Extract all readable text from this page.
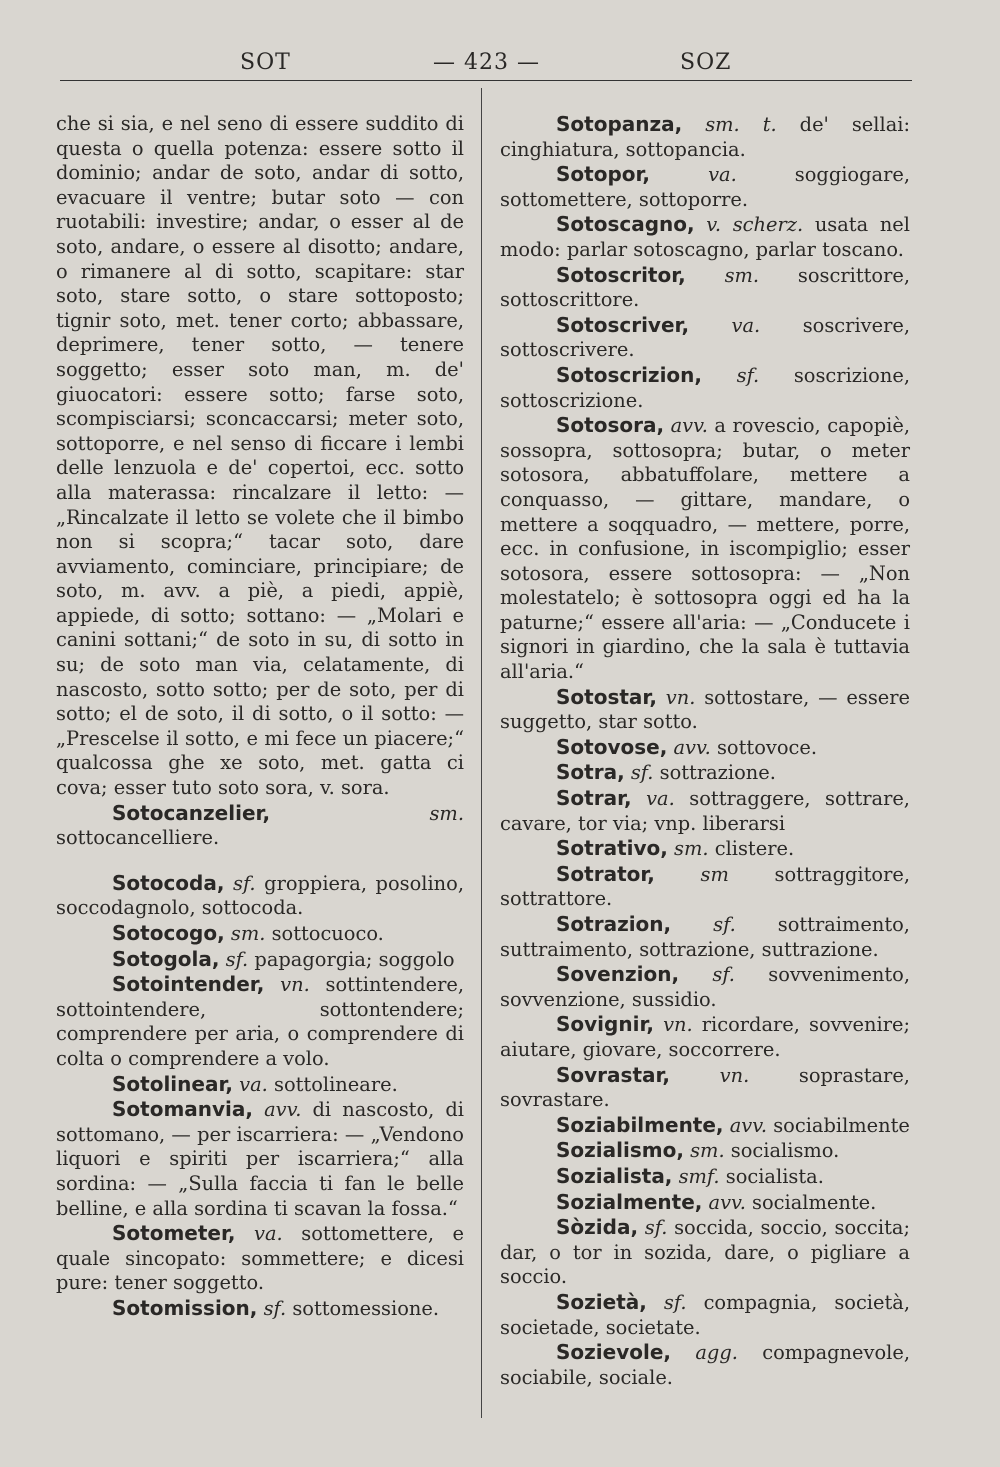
SOT	— 423 —	SOZ

che si sia, e nel seno di essere suddito di questa o quella potenza: essere sotto il dominio; andar de soto, andar di sotto, evacuare il ventre; butar soto — con ruotabili: investire; andar, o esser al de soto, andare, o essere al disotto; andare, o rimanere al di sotto, scapitare: star soto, stare sotto, o stare sottoposto; tignir soto, met. tener corto; abbassare, deprimere, tener sotto, — tenere soggetto; esser soto man, m. de' giuocatori: essere sotto; farse soto, scompisciarsi; sconcaccarsi; meter soto, sottoporre, e nel senso di ficcare i lembi delle lenzuola e de' copertoi, ecc. sotto alla materassa: rincalzare il letto: — „Rincalzate il letto se volete che il bimbo non si scopra;“ tacar soto, dare avviamento, cominciare, principiare; de soto, m. avv. a piè, a piedi, appiè, appiede, di sotto; sottano: — „Molari e canini sottani;“ de soto in su, di sotto in su; de soto man via, celatamente, di nascosto, sotto sotto; per de soto, per di sotto; el de soto, il di sotto, o il sotto: — „Prescelse il sotto, e mi fece un piacere;“ qualcossa ghe xe soto, met. gatta ci cova; esser tuto soto sora, v. sora.

Sotocanzelier,	sm. sottocancelliere.

Sotocoda, sf. groppiera, posolino, soccodagnolo, sottocoda.

Sotocogo, sm. sottocuoco.

Sotogola, sf. papagorgia; soggolo

Sotointender, vn. sottintendere, sottointendere, sottontendere; comprendere per aria, o comprendere di colta o comprendere a volo.

Sotolinear, va. sottolineare.

Sotomanvia, avv. di nascosto, di sottomano, — per iscarriera: — „Vendono liquori e spiriti per iscarriera;“ alla sordina: — „Sulla faccia ti fan le belle belline, e alla sordina ti scavan la fossa.“

Sotometer, va. sottomettere, e quale sincopato: sommettere; e dicesi pure: tener soggetto.

Sotomission, sf. sottomessione.

Sotopanza, sm. t. de' sellai: cinghiatura, sottopancia.

Sotopor,	va.	soggiogare, sottomettere, sottoporre.

Sotoscagno, v. scherz. usata nel modo: parlar sotoscagno, parlar toscano.

Sotoscritor, sm. soscrittore, sottoscrittore.

Sotoscriver, va. soscrivere, sottoscrivere.

Sotoscrizion, sf. soscrizione, sottoscrizione.

Sotosora, avv. a rovescio, capopiè, sossopra, sottosopra; butar, o meter sotosora, abbatuffolare, mettere a conquasso, — gittare, mandare, o mettere a soqquadro, — mettere, porre, ecc. in confusione, in iscompiglio; esser sotosora, essere sottosopra: — „Non molestatelo; è sottosopra oggi ed ha la paturne;“ essere all'aria: — „Conducete i signori in giardino, che la sala è tuttavia all'aria.“

Sotostar, vn. sottostare, — essere suggetto, star sotto.

Sotovose, avv. sottovoce.

Sotra, sf. sottrazione.

Sotrar, va. sottraggere, sottrare, cavare, tor via; vnp. liberarsi

Sotrativo, sm. clistere.

Sotrator, sm sottraggitore, sottrattore.

Sotrazion, sf. sottraimento, suttraimento, sottrazione, suttrazione.

Sovenzion, sf. sovvenimento, sovvenzione, sussidio.

Sovignir, vn. ricordare, sovvenire; aiutare, giovare, soccorrere.

Sovrastar,	vn.	soprastare, sovrastare.

Soziabilmente, avv. sociabilmente

Sozialismo, sm. socialismo.

Sozialista, smf. socialista.

Sozialmente, avv. socialmente.

Sòzida, sf. soccida, soccio, soccita; dar, o tor in sozida, dare, o pigliare a soccio.

Sozietà, sf. compagnia, società, societade, societate.

Sozievole, agg. compagnevole, sociabile, sociale.
